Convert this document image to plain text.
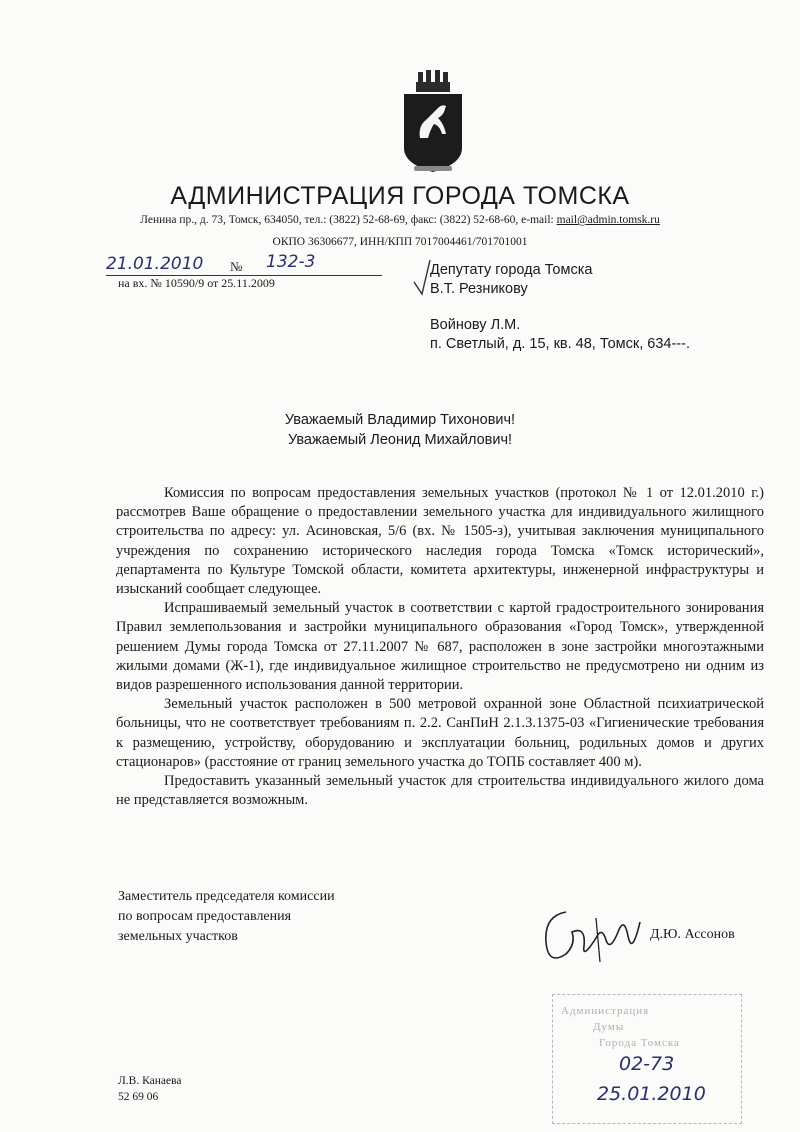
АДМИНИСТРАЦИЯ ГОРОДА ТОМСКА
Ленина пр., д. 73, Томск, 634050, тел.: (3822) 52-68-69, факс: (3822) 52-68-60, e-mail: mail@admin.tomsk.ru
ОКПО 36306677, ИНН/КПП 7017004461/701701001
21.01.2010 № 132-3
на вх. № 10590/9 от 25.11.2009
Депутату города Томска
В.Т. Резникову
Войнову Л.М.
п. Светлый, д. 15, кв. 48, Томск, 634---.
Уважаемый Владимир Тихонович!
Уважаемый Леонид Михайлович!

Комиссия по вопросам предоставления земельных участков (протокол № 1 от 12.01.2010 г.) рассмотрев Ваше обращение о предоставлении земельного участка для индивидуального жилищного строительства по адресу: ул. Асиновская, 5/6 (вх. № 1505-з), учитывая заключения муниципального учреждения по сохранению исторического наследия города Томска «Томск исторический», департамента по Культуре Томской области, комитета архитектуры, инженерной инфраструктуры и изысканий сообщает следующее.

Испрашиваемый земельный участок в соответствии с картой градостроительного зонирования Правил землепользования и застройки муниципального образования «Город Томск», утвержденной решением Думы города Томска от 27.11.2007 № 687, расположен в зоне застройки многоэтажными жилыми домами (Ж-1), где индивидуальное жилищное строительство не предусмотрено ни одним из видов разрешенного использования данной территории.

Земельный участок расположен в 500 метровой охранной зоне Областной психиатрической больницы, что не соответствует требованиям п. 2.2. СанПиН 2.1.3.1375-03 «Гигиенические требования к размещению, устройству, оборудованию и эксплуатации больниц, родильных домов и других стационаров» (расстояние от границ земельного участка до ТОПБ составляет 400 м).

Предоставить указанный земельный участок для строительства индивидуального жилого дома не представляется возможным.

Заместитель председателя комиссии
по вопросам предоставления
земельных участков	Д.Ю. Ассонов
Администрация
Думы
Города Томска
02-73
25.01.2010
Л.В. Канаева
52 69 06
